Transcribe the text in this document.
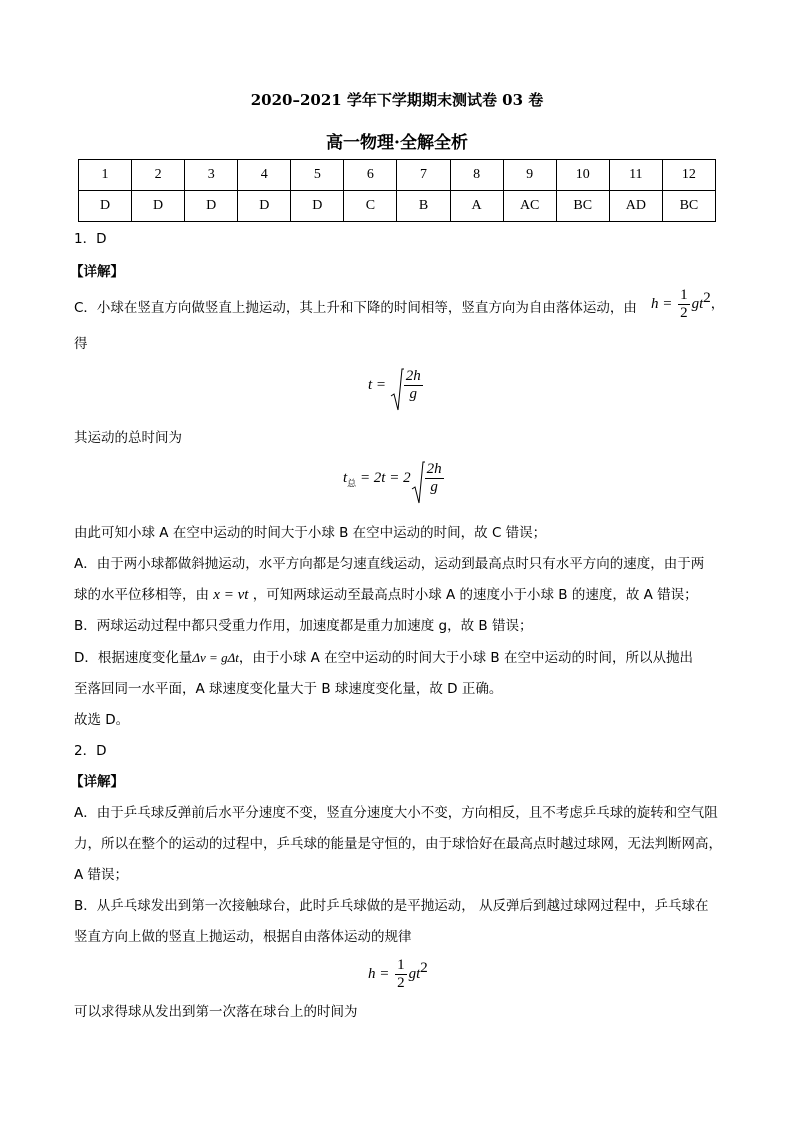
2020–2021 学年下学期期末测试卷 03 卷
高一物理·全解全析
1	2	3	4	5	6	7	8	9	10	11	12
D	D	D	D	D	C	B	A	AC	BC	AD	BC
1．D
【详解】
C．小球在竖直方向做竖直上抛运动，其上升和下降的时间相等，竖直方向为自由落体运动，由 $h = \frac{1}{2} gt^2$，
得
$t = \frac{2h}{g}$
其运动的总时间为
$t_总 = 2t = 2 \frac{2h}{g}$
由此可知小球 A 在空中运动的时间大于小球 B 在空中运动的时间，故 C 错误；
A．由于两小球都做斜抛运动，水平方向都是匀速直线运动，运动到最高点时只有水平方向的速度，由于两
球的水平位移相等，由 x = vt ，可知两球运动至最高点时小球 A 的速度小于小球 B 的速度，故 A 错误；
B．两球运动过程中都只受重力作用，加速度都是重力加速度 g，故 B 错误；
D．根据速度变化量Δv = gΔt，由于小球 A 在空中运动的时间大于小球 B 在空中运动的时间，所以从抛出
至落回同一水平面，A 球速度变化量大于 B 球速度变化量，故 D 正确。
故选 D。
2．D
【详解】
A．由于乒乓球反弹前后水平分速度不变，竖直分速度大小不变，方向相反，且不考虑乒乓球的旋转和空气阻力，所以在整个的运动的过程中，乒乓球的能量是守恒的，由于球恰好在最高点时越过球网，无法判断网高，A 错误；
B．从乒乓球发出到第一次接触球台，此时乒乓球做的是平抛运动， 从反弹后到越过球网过程中，乒乓球在竖直方向上做的竖直上抛运动，根据自由落体运动的规律
$h = \frac{1}{2} gt^2$
可以求得球从发出到第一次落在球台上的时间为
